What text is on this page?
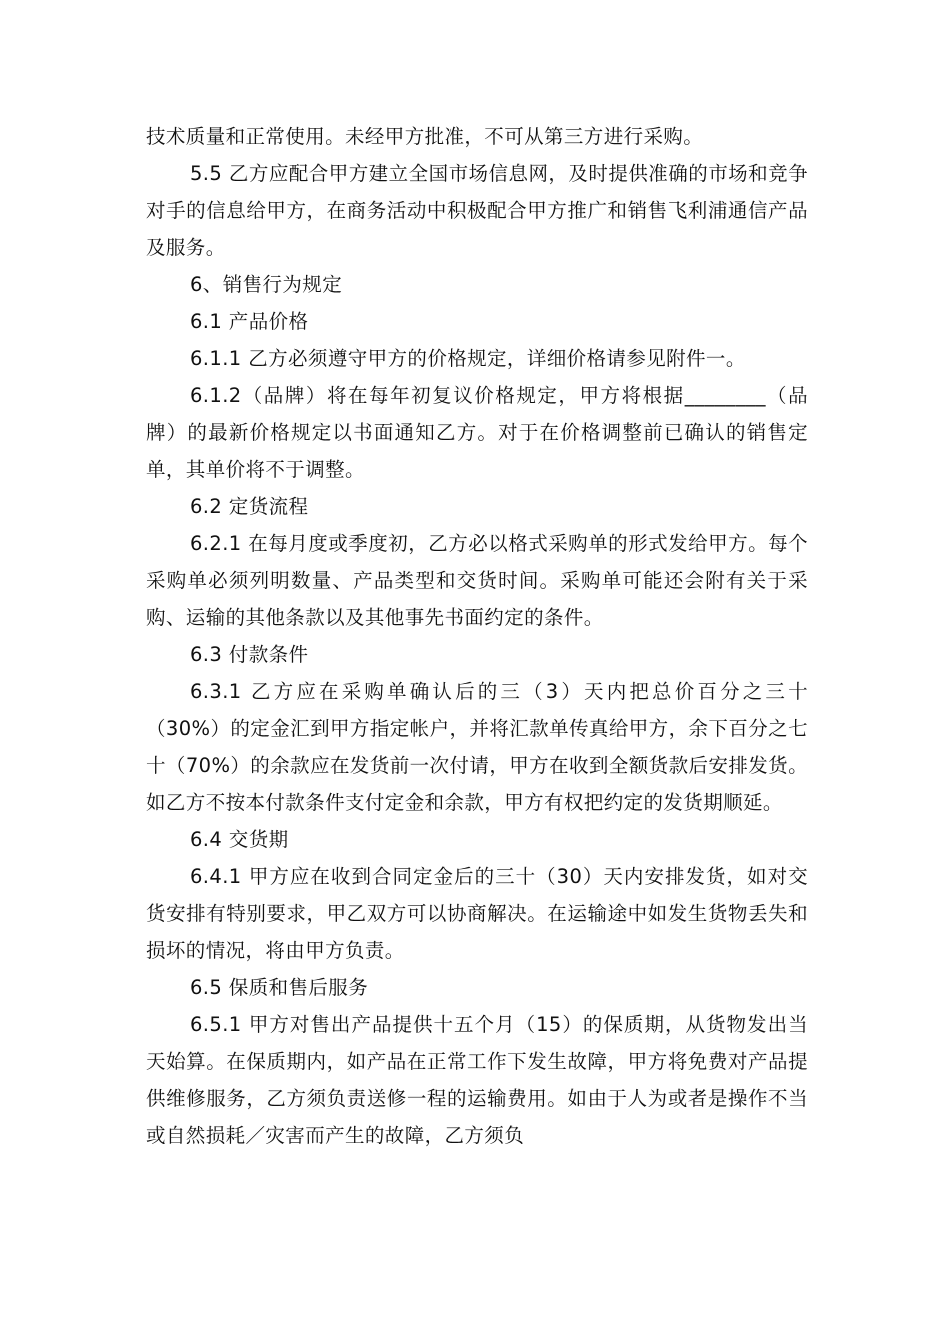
技术质量和正常使用。未经甲方批准，不可从第三方进行采购。

5.5 乙方应配合甲方建立全国市场信息网，及时提供准确的市场和竞争对手的信息给甲方，在商务活动中积极配合甲方推广和销售飞利浦通信产品及服务。

6、销售行为规定

6.1 产品价格

6.1.1 乙方必须遵守甲方的价格规定，详细价格请参见附件一。

6.1.2（品牌）将在每年初复议价格规定，甲方将根据________（品牌）的最新价格规定以书面通知乙方。对于在价格调整前已确认的销售定单，其单价将不于调整。

6.2 定货流程

6.2.1 在每月度或季度初，乙方必以格式采购单的形式发给甲方。每个采购单必须列明数量、产品类型和交货时间。采购单可能还会附有关于采购、运输的其他条款以及其他事先书面约定的条件。

6.3 付款条件

6.3.1 乙方应在采购单确认后的三（3）天内把总价百分之三十（30%）的定金汇到甲方指定帐户，并将汇款单传真给甲方，余下百分之七十（70%）的余款应在发货前一次付请，甲方在收到全额货款后安排发货。如乙方不按本付款条件支付定金和余款，甲方有权把约定的发货期顺延。

6.4 交货期

6.4.1 甲方应在收到合同定金后的三十（30）天内安排发货，如对交货安排有特别要求，甲乙双方可以协商解决。在运输途中如发生货物丢失和损坏的情况，将由甲方负责。

6.5 保质和售后服务

6.5.1 甲方对售出产品提供十五个月（15）的保质期，从货物发出当天始算。在保质期内，如产品在正常工作下发生故障，甲方将免费对产品提供维修服务，乙方须负责送修一程的运输费用。如由于人为或者是操作不当或自然损耗／灾害而产生的故障，乙方须负
